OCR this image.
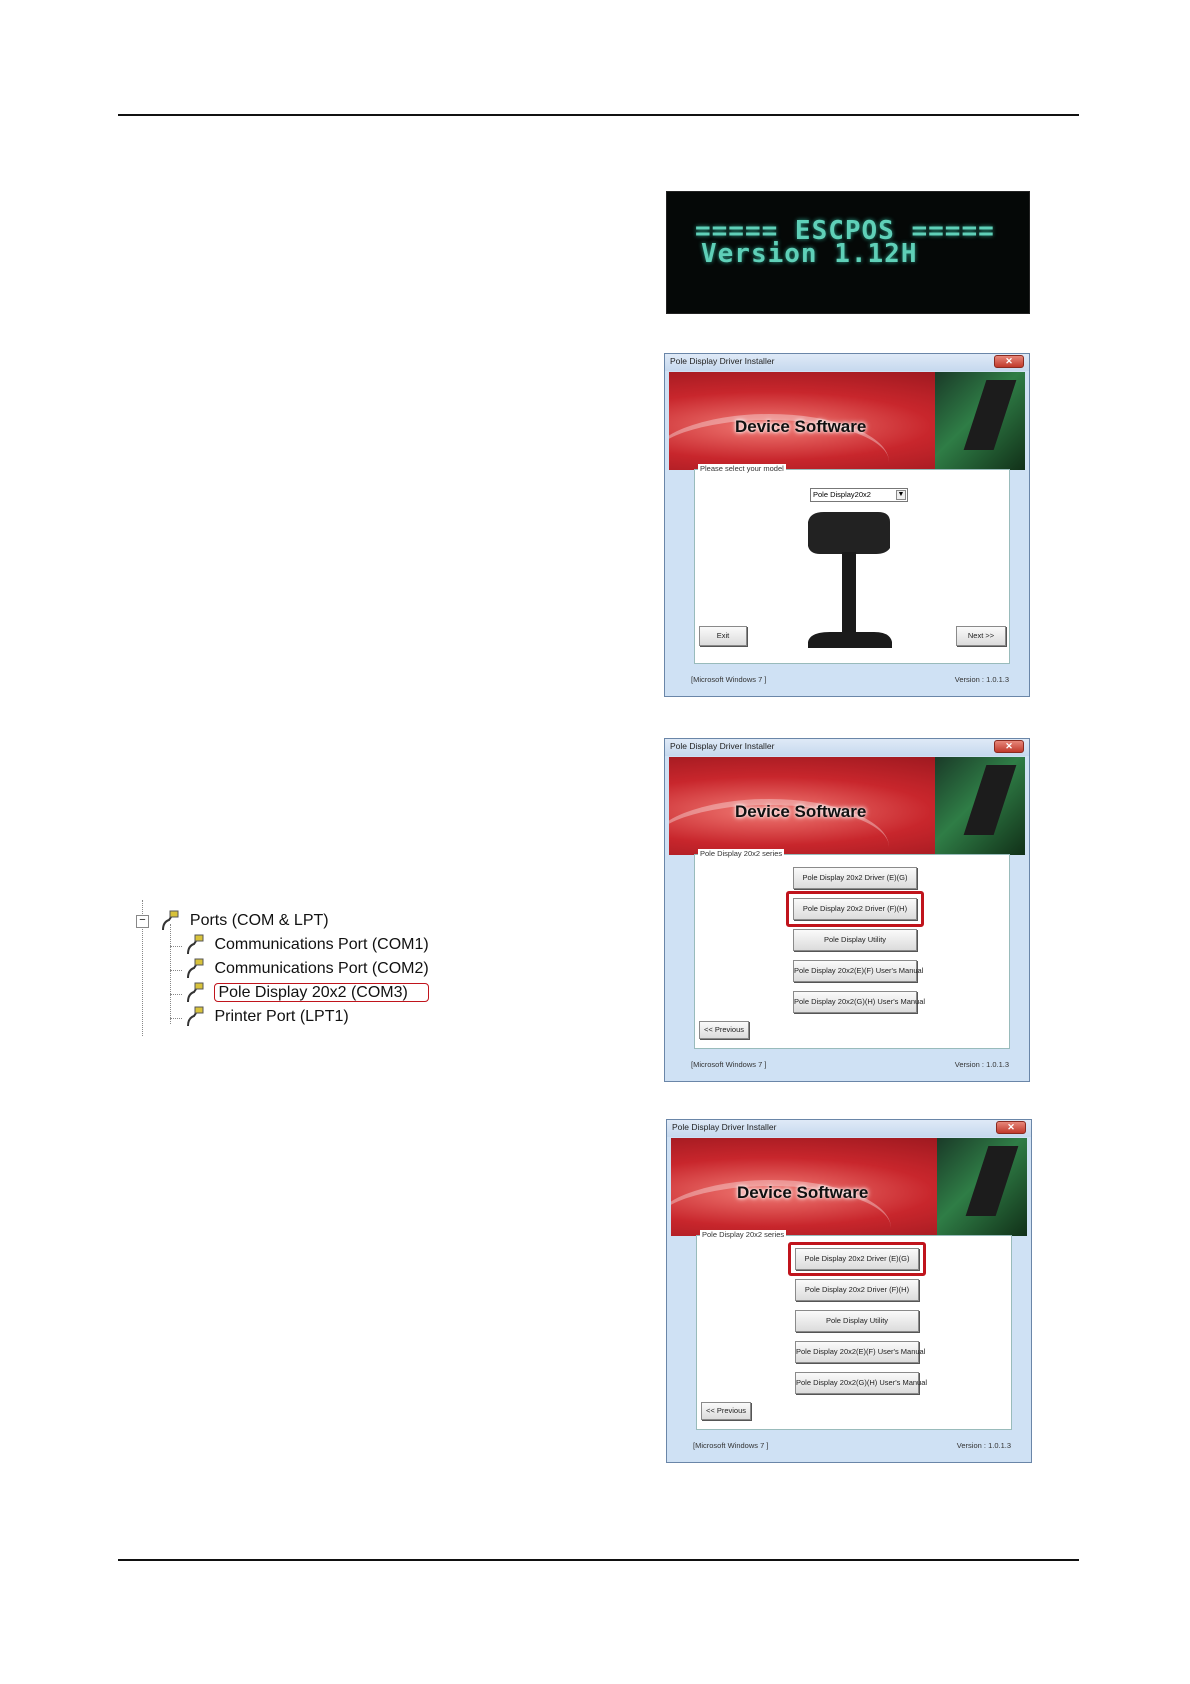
===== ESCPOS =====
Version 1.12H
Pole Display Driver Installer	✕
Device Software
Pole Display20x2	▼
Exit	Next >>
Please select your model
[Microsoft Windows 7 ]	Version : 1.0.1.3
Pole Display Driver Installer	✕
Device Software
Pole Display 20x2 Driver (E)(G)
Pole Display 20x2 Driver (F)(H)
Pole Display Utility
Pole Display 20x2(E)(F) User's Manual
Pole Display 20x2(G)(H) User's Manual
<< Previous
Pole Display 20x2 series
[Microsoft Windows 7 ]	Version : 1.0.1.3
Pole Display Driver Installer	✕
Device Software
Pole Display 20x2 Driver (E)(G)
Pole Display 20x2 Driver (F)(H)
Pole Display Utility
Pole Display 20x2(E)(F) User's Manual
Pole Display 20x2(G)(H) User's Manual
<< Previous
Pole Display 20x2 series
[Microsoft Windows 7 ]	Version : 1.0.1.3
−	Ports (COM & LPT)
Communications Port (COM1)
Communications Port (COM2)
Pole Display 20x2 (COM3)
Printer Port (LPT1)
